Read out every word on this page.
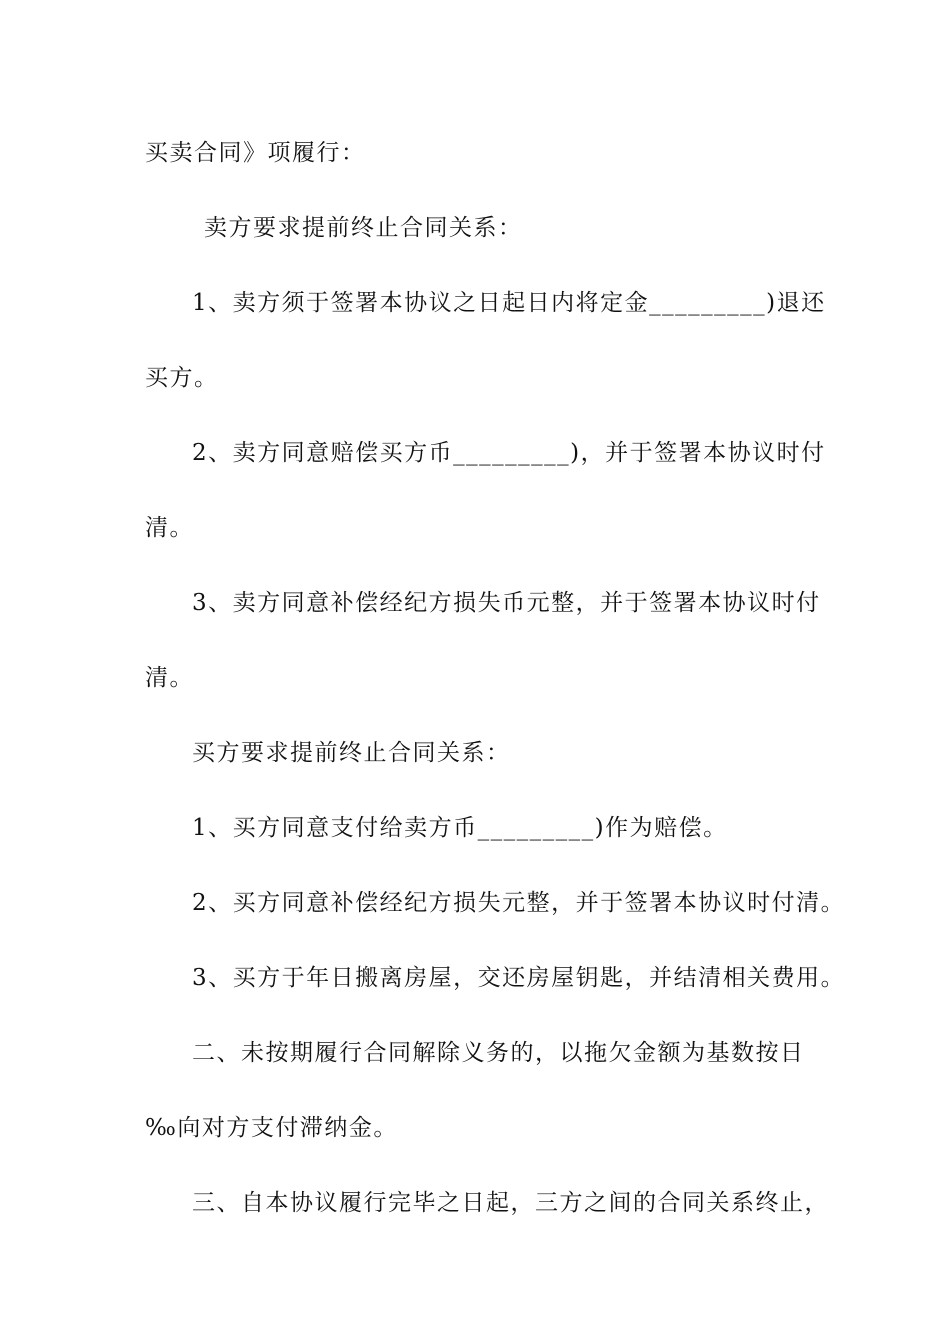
买卖合同》项履行：
卖方要求提前终止合同关系：
1、卖方须于签署本协议之日起日内将定金_________)退还
买方。
2、卖方同意赔偿买方币_________)，并于签署本协议时付
清。
3、卖方同意补偿经纪方损失币元整，并于签署本协议时付
清。
买方要求提前终止合同关系：
1、买方同意支付给卖方币_________)作为赔偿。
2、买方同意补偿经纪方损失元整，并于签署本协议时付清。
3、买方于年日搬离房屋，交还房屋钥匙，并结清相关费用。
二、未按期履行合同解除义务的，以拖欠金额为基数按日
‰向对方支付滞纳金。
三、自本协议履行完毕之日起，三方之间的合同关系终止，
